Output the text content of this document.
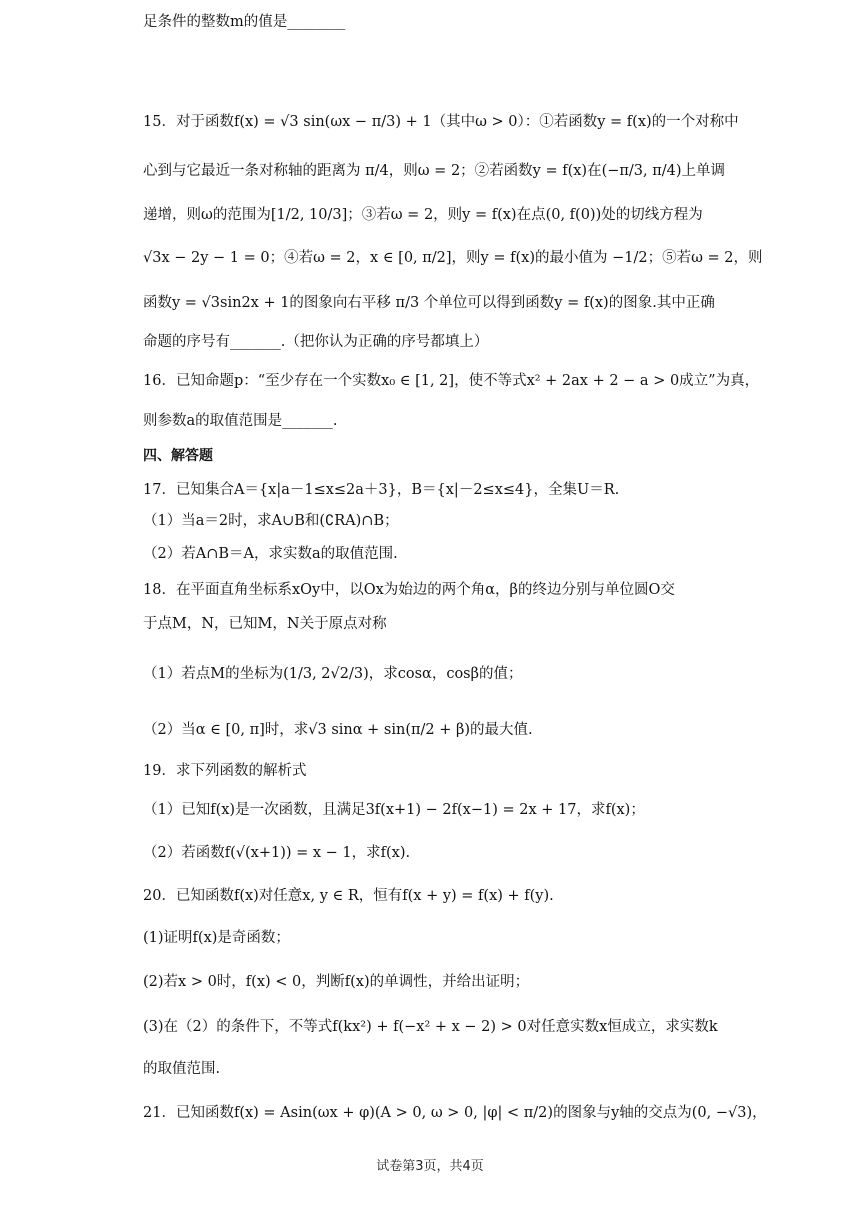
足条件的整数m的值是________
15．对于函数f(x) = √3 sin(ωx − π/3) + 1（其中ω > 0）：①若函数y = f(x)的一个对称中
心到与它最近一条对称轴的距离为 π/4，则ω = 2；②若函数y = f(x)在(−π/3, π/4)上单调
递增，则ω的范围为[1/2, 10/3]；③若ω = 2，则y = f(x)在点(0, f(0))处的切线方程为
√3x − 2y − 1 = 0；④若ω = 2，x ∈ [0, π/2]，则y = f(x)的最小值为 −1/2；⑤若ω = 2，则
函数y = √3sin2x + 1的图象向右平移 π/3 个单位可以得到函数y = f(x)的图象.其中正确
命题的序号有_______.（把你认为正确的序号都填上）
16．已知命题p：“至少存在一个实数x₀ ∈ [1, 2]，使不等式x² + 2ax + 2 − a > 0成立”为真，
则参数a的取值范围是_______.
四、解答题
17．已知集合A＝{x|a－1≤x≤2a＋3}，B＝{x|－2≤x≤4}，全集U＝R.
（1）当a＝2时，求A∪B和(∁RA)∩B；
（2）若A∩B＝A，求实数a的取值范围.
18．在平面直角坐标系xOy中，以Ox为始边的两个角α，β的终边分别与单位圆O交
于点M，N，已知M，N关于原点对称
（1）若点M的坐标为(1/3, 2√2/3)，求cosα，cosβ的值；
（2）当α ∈ [0, π]时，求√3 sinα + sin(π/2 + β)的最大值.
19．求下列函数的解析式
（1）已知f(x)是一次函数，且满足3f(x+1) − 2f(x−1) = 2x + 17，求f(x)；
（2）若函数f(√(x+1)) = x − 1，求f(x).
20．已知函数f(x)对任意x, y ∈ R，恒有f(x + y) = f(x) + f(y).
(1)证明f(x)是奇函数；
(2)若x > 0时，f(x) < 0，判断f(x)的单调性，并给出证明；
(3)在（2）的条件下，不等式f(kx²) + f(−x² + x − 2) > 0对任意实数x恒成立，求实数k
的取值范围.
21．已知函数f(x) = Asin(ωx + φ)(A > 0, ω > 0, |φ| < π/2)的图象与y轴的交点为(0, −√3)，
试卷第3页，共4页
